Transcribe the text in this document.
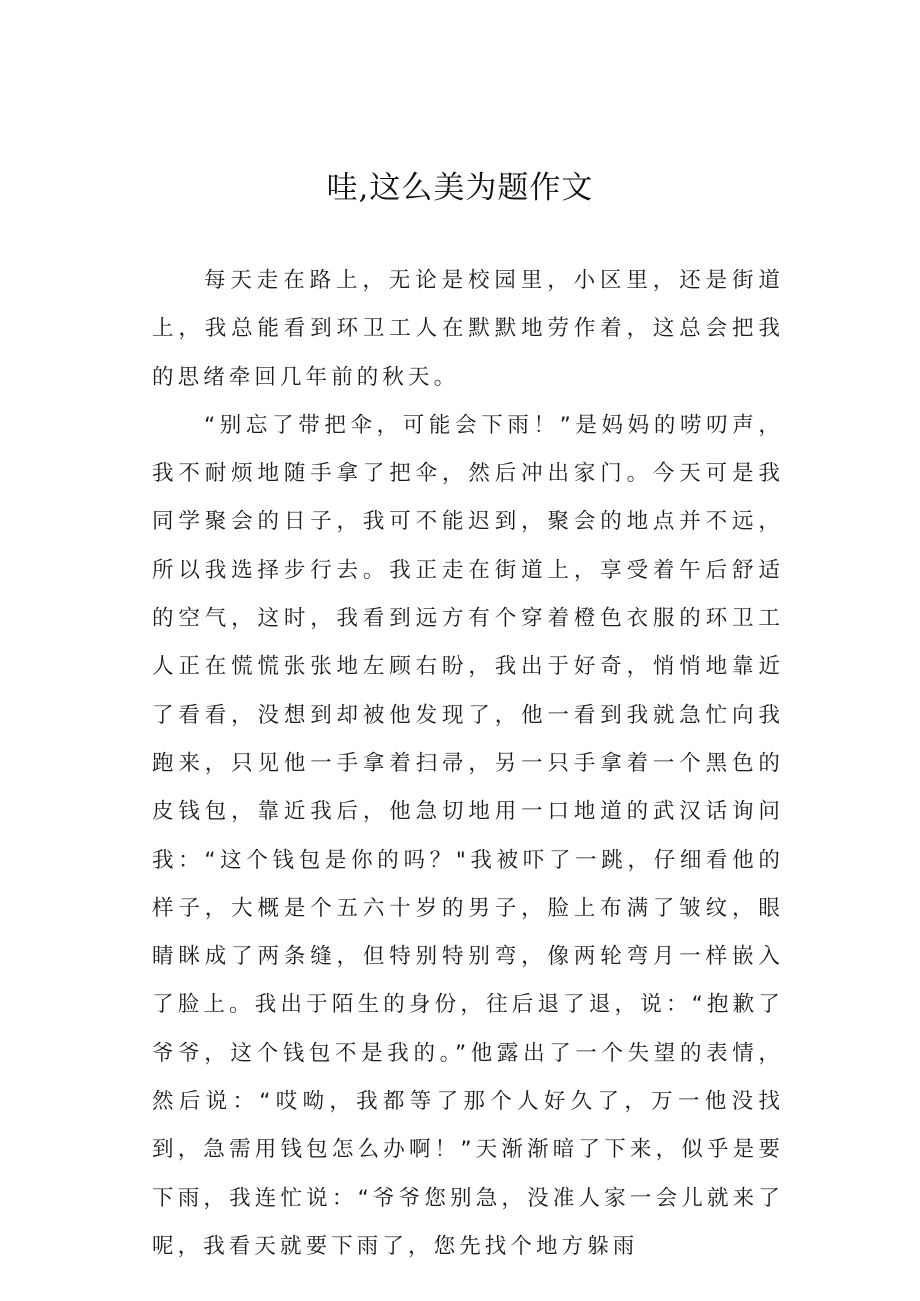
哇,这么美为题作文

每天走在路上，无论是校园里，小区里，还是街道上，我总能看到环卫工人在默默地劳作着，这总会把我的思绪牵回几年前的秋天。

“别忘了带把伞，可能会下雨！”是妈妈的唠叨声，我不耐烦地随手拿了把伞，然后冲出家门。今天可是我同学聚会的日子，我可不能迟到，聚会的地点并不远，所以我选择步行去。我正走在街道上，享受着午后舒适的空气，这时，我看到远方有个穿着橙色衣服的环卫工人正在慌慌张张地左顾右盼，我出于好奇，悄悄地靠近了看看，没想到却被他发现了，他一看到我就急忙向我跑来，只见他一手拿着扫帚，另一只手拿着一个黑色的皮钱包，靠近我后，他急切地用一口地道的武汉话询问我：“这个钱包是你的吗？"我被吓了一跳，仔细看他的样子，大概是个五六十岁的男子，脸上布满了皱纹，眼睛眯成了两条缝，但特别特别弯，像两轮弯月一样嵌入了脸上。我出于陌生的身份，往后退了退，说：“抱歉了爷爷，这个钱包不是我的。”他露出了一个失望的表情，然后说：“哎呦，我都等了那个人好久了，万一他没找到，急需用钱包怎么办啊！”天渐渐暗了下来，似乎是要下雨，我连忙说：“爷爷您别急，没准人家一会儿就来了呢，我看天就要下雨了，您先找个地方躲雨
